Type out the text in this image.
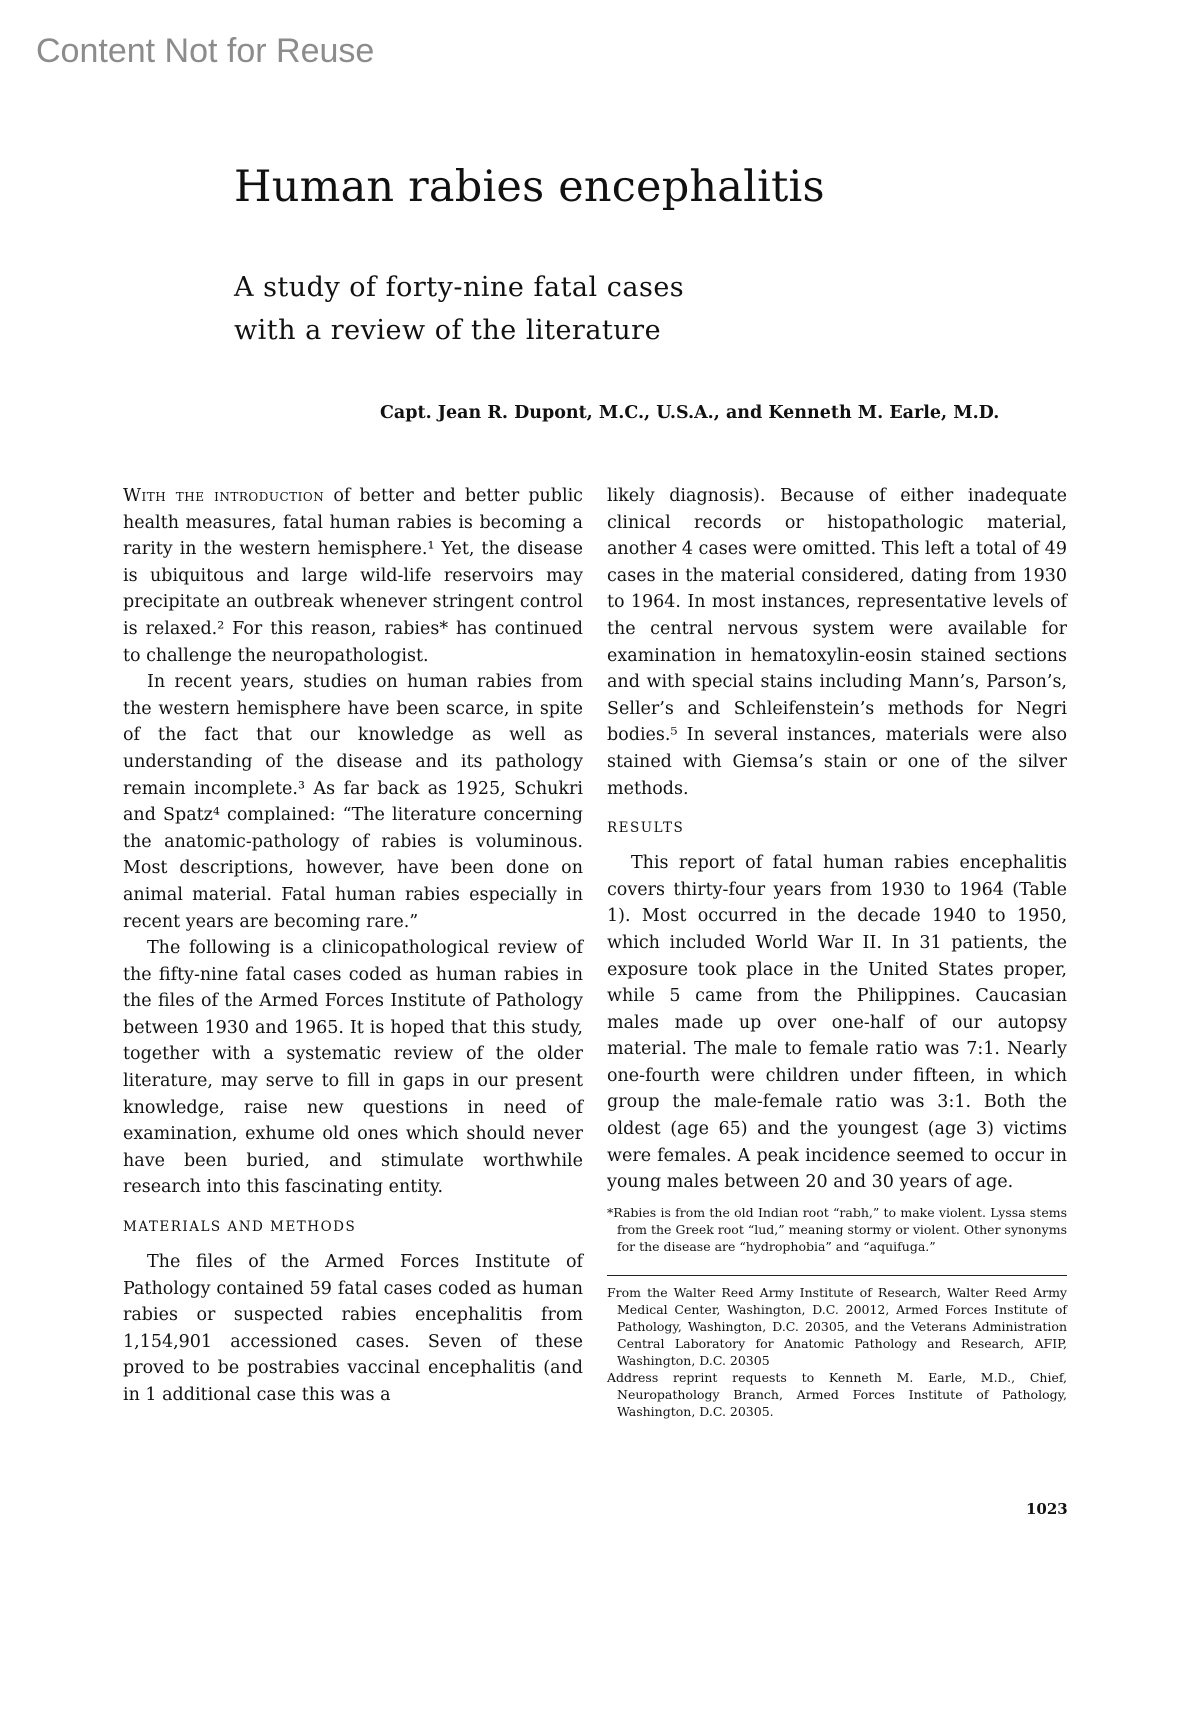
Content Not for Reuse
Human rabies encephalitis
A study of forty-nine fatal cases
with a review of the literature

Capt. Jean R. Dupont, M.C., U.S.A., and Kenneth M. Earle, M.D.

With the introduction of better and better public health measures, fatal human rabies is becoming a rarity in the western hemisphere.¹ Yet, the disease is ubiquitous and large wild-life reservoirs may precipitate an outbreak whenever stringent control is relaxed.² For this reason, rabies* has continued to challenge the neuropathologist.

In recent years, studies on human rabies from the western hemisphere have been scarce, in spite of the fact that our knowledge as well as understanding of the disease and its pathology remain incomplete.³ As far back as 1925, Schukri and Spatz⁴ complained: “The literature concerning the anatomic-pathology of rabies is voluminous. Most descriptions, however, have been done on animal material. Fatal human rabies especially in recent years are becoming rare.”

The following is a clinicopathological review of the fifty-nine fatal cases coded as human rabies in the files of the Armed Forces Institute of Pathology between 1930 and 1965. It is hoped that this study, together with a systematic review of the older literature, may serve to fill in gaps in our present knowledge, raise new questions in need of examination, exhume old ones which should never have been buried, and stimulate worthwhile research into this fascinating entity.

MATERIALS AND METHODS

The files of the Armed Forces Institute of Pathology contained 59 fatal cases coded as human rabies or suspected rabies encephalitis from 1,154,901 accessioned cases. Seven of these proved to be postrabies vaccinal encephalitis (and in 1 additional case this was a

likely diagnosis). Because of either inadequate clinical records or histopathologic material, another 4 cases were omitted. This left a total of 49 cases in the material considered, dating from 1930 to 1964. In most instances, representative levels of the central nervous system were available for examination in hematoxylin-eosin stained sections and with special stains including Mann’s, Parson’s, Seller’s and Schleifenstein’s methods for Negri bodies.⁵ In several instances, materials were also stained with Giemsa’s stain or one of the silver methods.

RESULTS

This report of fatal human rabies encephalitis covers thirty-four years from 1930 to 1964 (Table 1). Most occurred in the decade 1940 to 1950, which included World War II. In 31 patients, the exposure took place in the United States proper, while 5 came from the Philippines. Caucasian males made up over one-half of our autopsy material. The male to female ratio was 7:1. Nearly one-fourth were children under fifteen, in which group the male-female ratio was 3:1. Both the oldest (age 65) and the youngest (age 3) victims were females. A peak incidence seemed to occur in young males between 20 and 30 years of age.

*Rabies is from the old Indian root “rabh,” to make violent. Lyssa stems from the Greek root “lud,” meaning stormy or violent. Other synonyms for the disease are “hydrophobia” and “aquifuga.”

From the Walter Reed Army Institute of Research, Walter Reed Army Medical Center, Washington, D.C. 20012, Armed Forces Institute of Pathology, Washington, D.C. 20305, and the Veterans Administration Central Laboratory for Anatomic Pathology and Research, AFIP, Washington, D.C. 20305

Address reprint requests to Kenneth M. Earle, M.D., Chief, Neuropathology Branch, Armed Forces Institute of Pathology, Washington, D.C. 20305.

1023
